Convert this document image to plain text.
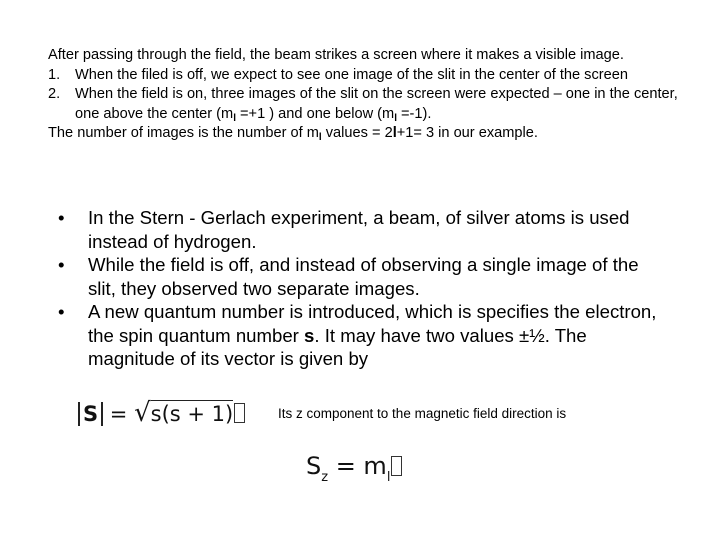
After passing through the field, the beam strikes a screen where it makes a visible image.

1. When the filed is off, we expect to see one image of the slit in the center of the screen

2. When the field is on, three images of the slit on the screen were expected – one in the center, one above the center ($m_l =+1$ ) and one below $(m_l =-1)$.

The number of images is the number of $m_l$ values = 2l+1= 3 in our example.

• In the Stern - Gerlach experiment, a beam, of silver atoms is used instead of hydrogen.
• While the field is off, and instead of observing a single image of the slit, they observed two separate images.
• A new quantum number is introduced, which is specifies the electron, the spin quantum number s. It may have two values ±½. The magnitude of its vector is given by
S = √s(s + 1)	Its z component to the magnetic field direction is
$S_z = m_l$
